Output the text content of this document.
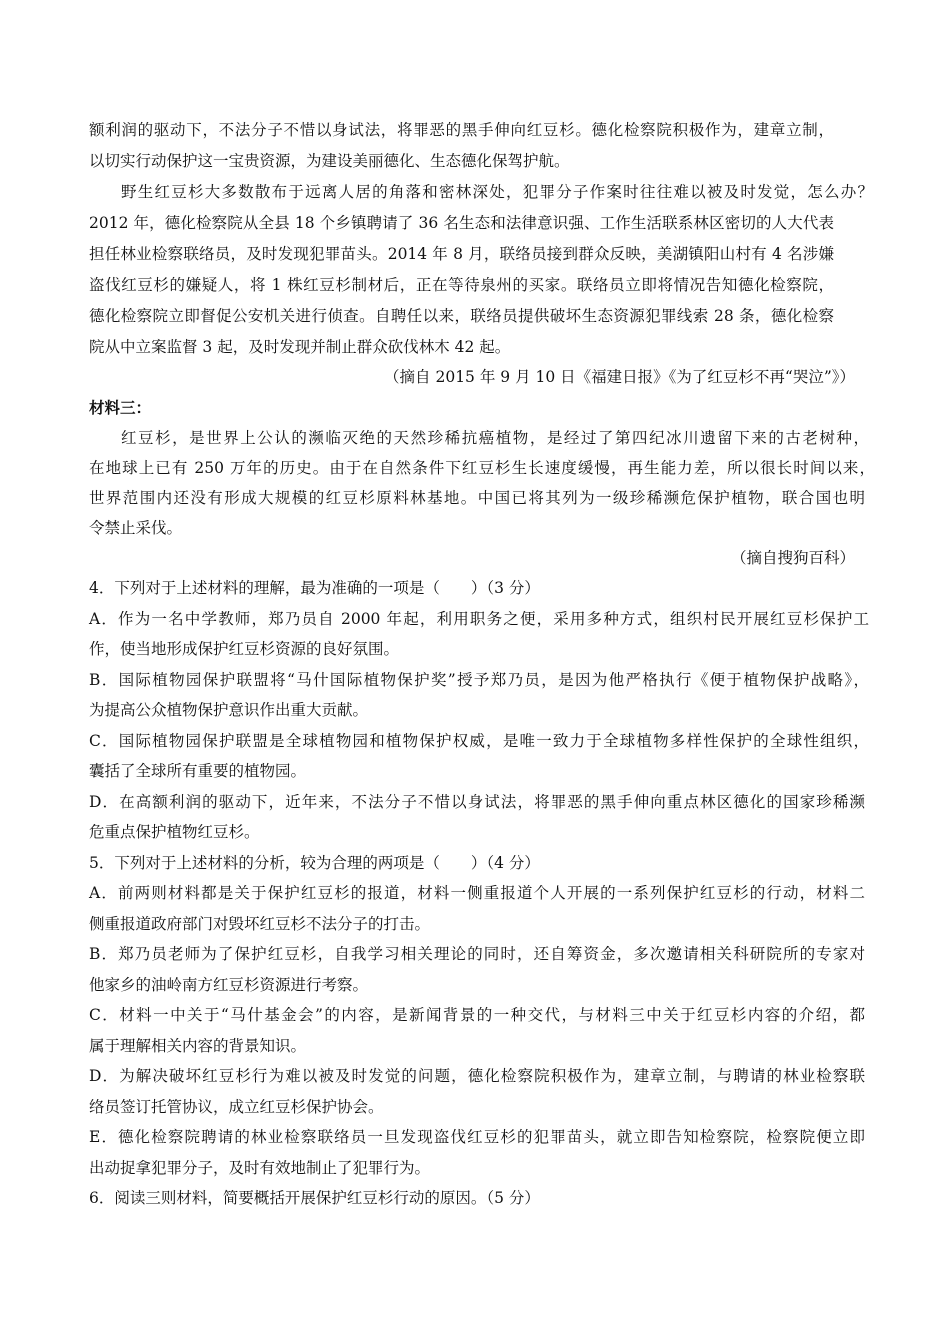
额利润的驱动下，不法分子不惜以身试法，将罪恶的黑手伸向红豆杉。德化检察院积极作为，建章立制，
以切实行动保护这一宝贵资源，为建设美丽德化、生态德化保驾护航。
野生红豆杉大多数散布于远离人居的角落和密林深处，犯罪分子作案时往往难以被及时发觉，怎么办？
2012 年，德化检察院从全县 18 个乡镇聘请了 36 名生态和法律意识强、工作生活联系林区密切的人大代表
担任林业检察联络员，及时发现犯罪苗头。2014 年 8 月，联络员接到群众反映，美湖镇阳山村有 4 名涉嫌
盗伐红豆杉的嫌疑人，将 1 株红豆杉制材后，正在等待泉州的买家。联络员立即将情况告知德化检察院，
德化检察院立即督促公安机关进行侦查。自聘任以来，联络员提供破坏生态资源犯罪线索 28 条，德化检察
院从中立案监督 3 起，及时发现并制止群众砍伐林木 42 起。
（摘自 2015 年 9 月 10 日《福建日报》《为了红豆杉不再“哭泣”》）
材料三：
红豆杉，是世界上公认的濒临灭绝的天然珍稀抗癌植物，是经过了第四纪冰川遗留下来的古老树种，
在地球上已有 250 万年的历史。由于在自然条件下红豆杉生长速度缓慢，再生能力差，所以很长时间以来，
世界范围内还没有形成大规模的红豆杉原料林基地。中国已将其列为一级珍稀濒危保护植物，联合国也明
令禁止采伐。
（摘自搜狗百科）
4．下列对于上述材料的理解，最为准确的一项是（　　）（3 分）
A．作为一名中学教师，郑乃员自 2000 年起，利用职务之便，采用多种方式，组织村民开展红豆杉保护工
作，使当地形成保护红豆杉资源的良好氛围。
B．国际植物园保护联盟将“马什国际植物保护奖”授予郑乃员，是因为他严格执行《便于植物保护战略》，
为提高公众植物保护意识作出重大贡献。
C．国际植物园保护联盟是全球植物园和植物保护权威，是唯一致力于全球植物多样性保护的全球性组织，
囊括了全球所有重要的植物园。
D．在高额利润的驱动下，近年来，不法分子不惜以身试法，将罪恶的黑手伸向重点林区德化的国家珍稀濒
危重点保护植物红豆杉。
5．下列对于上述材料的分析，较为合理的两项是（　　）（4 分）
A．前两则材料都是关于保护红豆杉的报道，材料一侧重报道个人开展的一系列保护红豆杉的行动，材料二
侧重报道政府部门对毁坏红豆杉不法分子的打击。
B．郑乃员老师为了保护红豆杉，自我学习相关理论的同时，还自筹资金，多次邀请相关科研院所的专家对
他家乡的油岭南方红豆杉资源进行考察。
C．材料一中关于“马什基金会”的内容，是新闻背景的一种交代，与材料三中关于红豆杉内容的介绍，都
属于理解相关内容的背景知识。
D．为解决破坏红豆杉行为难以被及时发觉的问题，德化检察院积极作为，建章立制，与聘请的林业检察联
络员签订托管协议，成立红豆杉保护协会。
E．德化检察院聘请的林业检察联络员一旦发现盗伐红豆杉的犯罪苗头，就立即告知检察院，检察院便立即
出动捉拿犯罪分子，及时有效地制止了犯罪行为。
6．阅读三则材料，简要概括开展保护红豆杉行动的原因。（5 分）
